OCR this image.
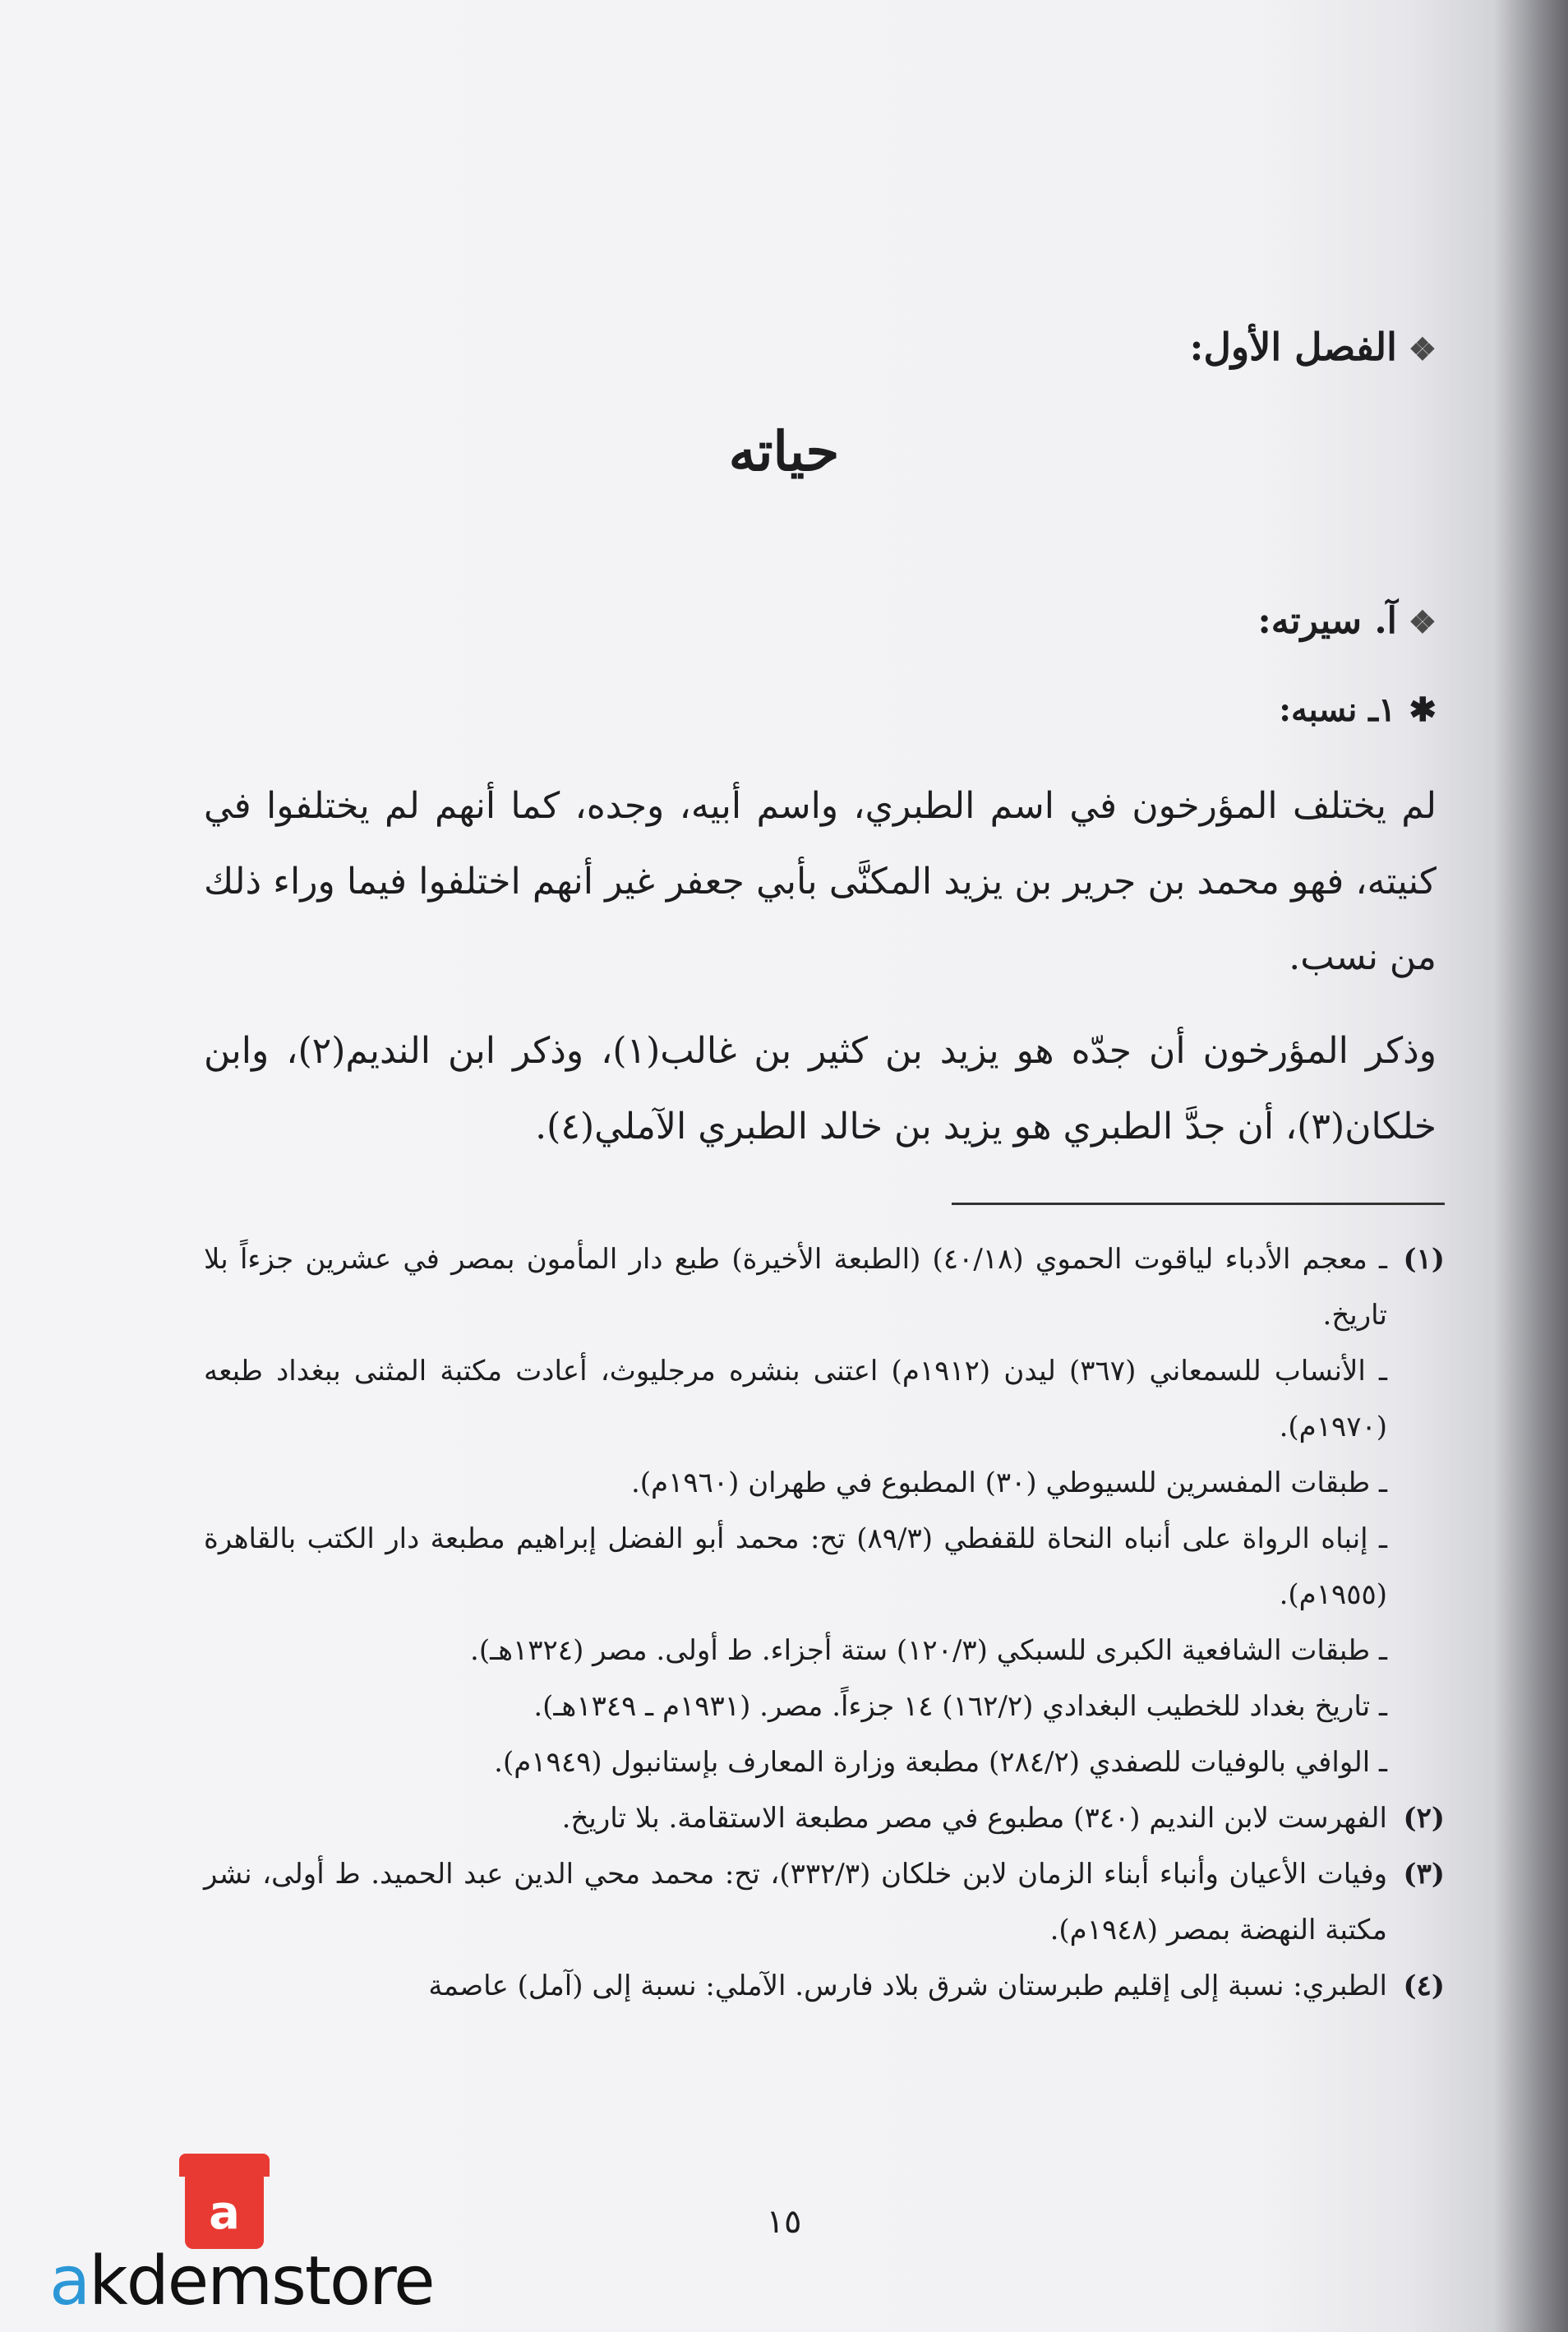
❖الفصل الأول:
حياته
❖آ. سيرته:
✱١ـ نسبه:

لم يختلف المؤرخون في اسم الطبري، واسم أبيه، وجده، كما أنهم لم يختلفوا في كنيته، فهو محمد بن جرير بن يزيد المكنَّى بأبي جعفر غير أنهم اختلفوا فيما وراء ذلك من نسب.

وذكر المؤرخون أن جدّه هو يزيد بن كثير بن غالب(١)، وذكر ابن النديم(٢)، وابن خلكان(٣)، أن جدَّ الطبري هو يزيد بن خالد الطبري الآملي(٤).

(١)
ـ معجم الأدباء لياقوت الحموي (٤٠/١٨) (الطبعة الأخيرة) طبع دار المأمون بمصر في عشرين جزءاً بلا تاريخ.
ـ الأنساب للسمعاني (٣٦٧) ليدن (١٩١٢م) اعتنى بنشره مرجليوث، أعادت مكتبة المثنى ببغداد طبعه (١٩٧٠م).
ـ طبقات المفسرين للسيوطي (٣٠) المطبوع في طهران (١٩٦٠م).
ـ إنباه الرواة على أنباه النحاة للقفطي (٨٩/٣) تح: محمد أبو الفضل إبراهيم مطبعة دار الكتب بالقاهرة (١٩٥٥م).
ـ طبقات الشافعية الكبرى للسبكي (١٢٠/٣) ستة أجزاء. ط أولى. مصر (١٣٢٤هـ).
ـ تاريخ بغداد للخطيب البغدادي (١٦٢/٢) ١٤ جزءاً. مصر. (١٩٣١م ـ ١٣٤٩هـ).
ـ الوافي بالوفيات للصفدي (٢٨٤/٢) مطبعة وزارة المعارف بإستانبول (١٩٤٩م).
(٢)
الفهرست لابن النديم (٣٤٠) مطبوع في مصر مطبعة الاستقامة. بلا تاريخ.
(٣)
وفيات الأعيان وأنباء أبناء الزمان لابن خلكان (٣٣٢/٣)، تح: محمد محي الدين عبد الحميد. ط أولى، نشر مكتبة النهضة بمصر (١٩٤٨م).
(٤)
الطبري: نسبة إلى إقليم طبرستان شرق بلاد فارس. الآملي: نسبة إلى (آمل) عاصمة
١٥
a
akdemstore
